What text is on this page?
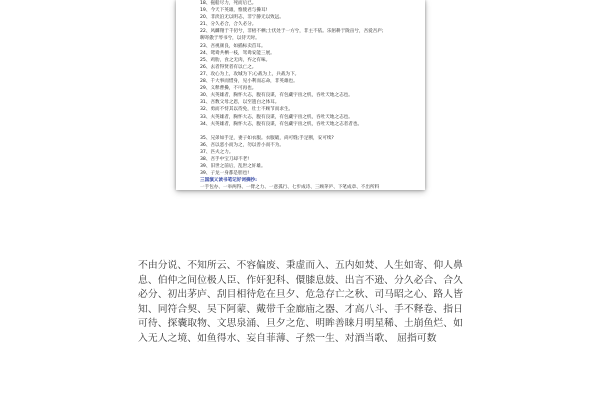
18、拖船尽力，死而后已。
19、今天下英雄，惟使君与操耳!
20、非淡泊无以明志，非宁静无以致远。
21、分久必合，合久必分。
22、风麟翔于千仞兮，非梧不栖;士伏处于一方兮，非主不依。乐躬耕于陇亩兮，吾爱吾庐;
聊寄傲于琴书兮，以待天时。
23、吾视颜良，如插标卖首耳。
24、鸳鸯共栖一枝，驾鸯安能三展。
25、鸡肋，食之无肉，弃之有味。
26、去者得贤者有以亡之。
27、攻心为上，攻城为下;心战为上，兵战为下。
28、千大事而惜身，见小利而忘命，非英雄也。
29、义释曹操，不可再也。
30、夫英雄者，胸怀大志，腹有良谋，有包藏宇宙之机，吞吐天地之志也。
31、吾数父母之恩，以至遗白之体耳。
32、勇而不恃其以待免，壮士不顾节而求生。
33、夫英雄者，胸怀大志，腹有良谋，有包藏宇宙之机，吞吐天地之志也。
34、夫英雄者，胸怀大志，腹有良谋，有包藏宇宙之机，吞吐天地之志者者也。
35、兄弟如手足，妻子如衣服。衣服破，尚可缝;手足断，安可续?
36、吾以恶小而为之，勿以善小而不为。
37、匹夫之力。
38、吾手中宝刀却不老!
39、旧世之前后，乱世之奸雄。
39、子龙一身都是胆也!
三国演义读书笔记好词摘抄:
一手包办、一举两得、一臂之力、一意孤行、七步成诗、三顾茅庐、下笔成章、不出所料
不由分说、不知所云、不容偏废、秉虚而入、五内如焚、人生如寄、仰人鼻息、伯仲之间位极人臣、作奸犯科、儇膝息鼓、出言不逊、分久必合、合久必分、初出茅庐、刮目相待危在旦夕、危急存亡之秋、司马昭之心、路人皆知、同符合契、吴下阿蒙、戴带千金廊庙之器、才高八斗、手不释卷、指日可待、探囊取物、文思泉涌、旦夕之危、明眸善睐月明星稀、土崩鱼烂、如入无人之境、如鱼得水、妄自菲薄、孑然一生、对酒当歌、 屈指可数
